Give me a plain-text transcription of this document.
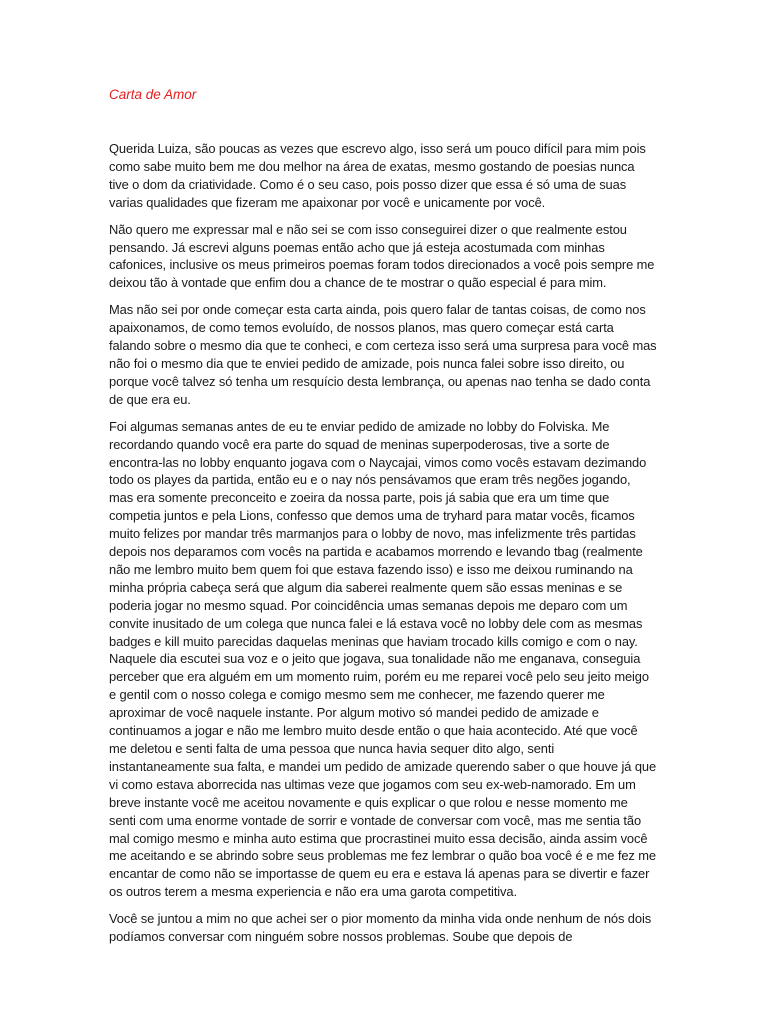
Carta de Amor

Querida Luiza, são poucas as vezes que escrevo algo, isso será um pouco difícil para mim pois como sabe muito bem me dou melhor na área de exatas, mesmo gostando de poesias nunca tive o dom da criatividade. Como é o seu caso, pois posso dizer que essa é só uma de suas varias qualidades que fizeram me apaixonar por você e unicamente por você.

Não quero me expressar mal e não sei se com isso conseguirei dizer o que realmente estou pensando. Já escrevi alguns poemas então acho que já esteja acostumada com minhas cafonices, inclusive os meus primeiros poemas foram todos direcionados a você pois sempre me deixou tão à vontade que enfim dou a chance de te mostrar o quão especial é para mim.

Mas não sei por onde começar esta carta ainda, pois quero falar de tantas coisas, de como nos apaixonamos, de como temos evoluído, de nossos planos, mas quero começar está carta falando sobre o mesmo dia que te conheci, e com certeza isso será uma surpresa para você mas não foi o mesmo dia que te enviei pedido de amizade, pois nunca falei sobre isso direito, ou porque você talvez só tenha um resquício desta lembrança, ou apenas nao tenha se dado conta de que era eu.

Foi algumas semanas antes de eu te enviar pedido de amizade no lobby do Folviska. Me recordando quando você era parte do squad de meninas superpoderosas, tive a sorte de encontra-las no lobby enquanto jogava com o Naycajai, vimos como vocês estavam dezimando todo os playes da partida, então eu e o nay nós pensávamos que eram três negões jogando, mas era somente preconceito e zoeira da nossa parte, pois já sabia que era um time que competia juntos e pela Lions, confesso que demos uma de tryhard para matar vocês, ficamos muito felizes por mandar três marmanjos para o lobby de novo, mas infelizmente três partidas depois nos deparamos com vocês na partida e acabamos morrendo e levando tbag (realmente não me lembro muito bem quem foi que estava fazendo isso) e isso me deixou ruminando na minha própria cabeça será que algum dia saberei realmente quem são essas meninas e se poderia jogar no mesmo squad. Por coincidência umas semanas depois me deparo com um convite inusitado de um colega que nunca falei e lá estava você no lobby dele com as mesmas badges e kill muito parecidas daquelas meninas que haviam trocado kills comigo e com o nay. Naquele dia escutei sua voz e o jeito que jogava, sua tonalidade não me enganava, conseguia perceber que era alguém em um momento ruim, porém eu me reparei você pelo seu jeito meigo e gentil com o nosso colega e comigo mesmo sem me conhecer, me fazendo querer me aproximar de você naquele instante. Por algum motivo só mandei pedido de amizade e continuamos a jogar e não me lembro muito desde então o que haia acontecido. Até que você me deletou e senti falta de uma pessoa que nunca havia sequer dito algo, senti instantaneamente sua falta, e mandei um pedido de amizade querendo saber o que houve já que vi como estava aborrecida nas ultimas veze que jogamos com seu ex-web-namorado. Em um breve instante você me aceitou novamente e quis explicar o que rolou e nesse momento me senti com uma enorme vontade de sorrir e vontade de conversar com você, mas me sentia tão mal comigo mesmo e minha auto estima que procrastinei muito essa decisão, ainda assim você me aceitando e se abrindo sobre seus problemas me fez lembrar o quão boa você é e me fez me encantar de como não se importasse de quem eu era e estava lá apenas para se divertir e fazer os outros terem a mesma experiencia e não era uma garota competitiva.

Você se juntou a mim no que achei ser o pior momento da minha vida onde nenhum de nós dois podíamos conversar com ninguém sobre nossos problemas. Soube que depois de
